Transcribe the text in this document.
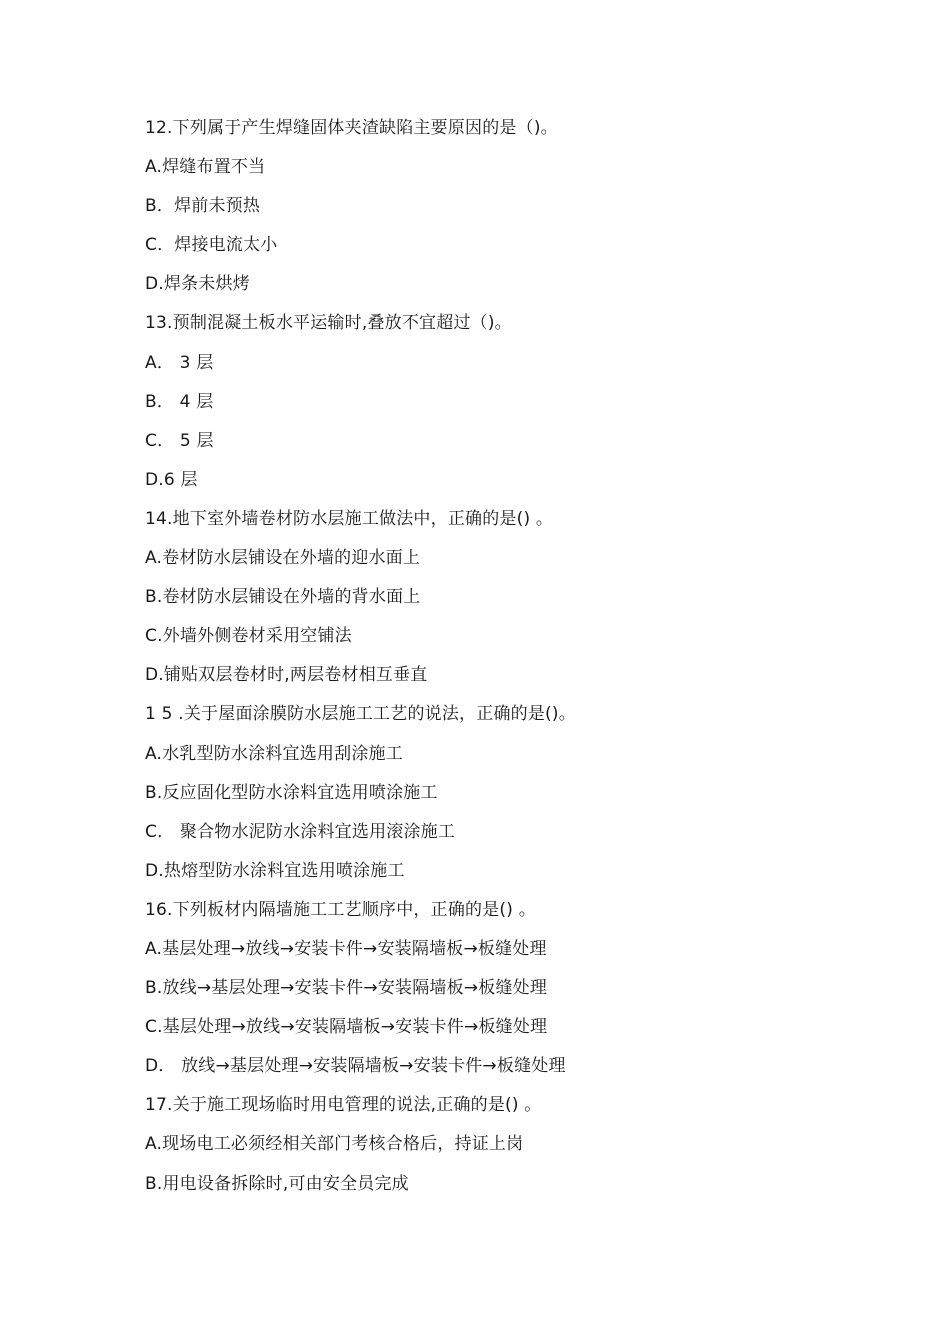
12.下列属于产生焊缝固体夹渣缺陷主要原因的是（)。
A.焊缝布置不当
B．焊前未预热
C．焊接电流太小
D.焊条未烘烤
13.预制混凝土板水平运输时,叠放不宜超过（)。
A． 3 层
B． 4 层
C． 5 层
D.6 层
14.地下室外墙卷材防水层施工做法中，正确的是() 。
A.卷材防水层铺设在外墙的迎水面上
B.卷材防水层铺设在外墙的背水面上
C.外墙外侧卷材采用空铺法
D.铺贴双层卷材时,两层卷材相互垂直
1 5 .关于屋面涂膜防水层施工工艺的说法，正确的是()。
A.水乳型防水涂料宜选用刮涂施工
B.反应固化型防水涂料宜选用喷涂施工
C． 聚合物水泥防水涂料宜选用滚涂施工
D.热熔型防水涂料宜选用喷涂施工
16.下列板材内隔墙施工工艺顺序中，正确的是() 。
A.基层处理→放线→安装卡件→安装隔墙板→板缝处理
B.放线→基层处理→安装卡件→安装隔墙板→板缝处理
C.基层处理→放线→安装隔墙板→安装卡件→板缝处理
D． 放线→基层处理→安装隔墙板→安装卡件→板缝处理
17.关于施工现场临时用电管理的说法,正确的是() 。
A.现场电工必须经相关部门考核合格后，持证上岗
B.用电设备拆除时,可由安全员完成
